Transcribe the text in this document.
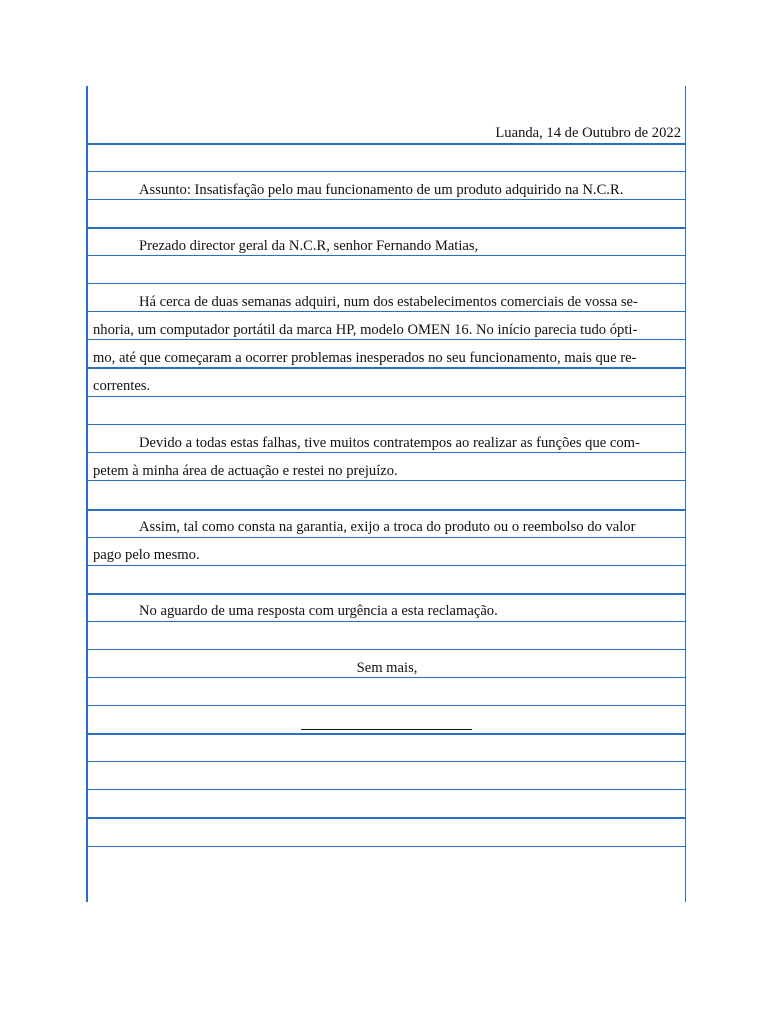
Luanda, 14 de Outubro de 2022
Assunto: Insatisfação pelo mau funcionamento de um produto adquirido na N.C.R.
Prezado director geral da N.C.R, senhor Fernando Matias,
Há cerca de duas semanas adquiri, num dos estabelecimentos comerciais de vossa se-
nhoria, um computador portátil da marca HP, modelo OMEN 16. No início parecia tudo ópti-
mo, até que começaram a ocorrer problemas inesperados no seu funcionamento, mais que re-
correntes.
Devido a todas estas falhas, tive muitos contratempos ao realizar as funções que com-
petem à minha área de actuação e restei no prejuízo.
Assim, tal como consta na garantia, exijo a troca do produto ou o reembolso do valor
pago pelo mesmo.
No aguardo de uma resposta com urgência a esta reclamação.
Sem mais,
